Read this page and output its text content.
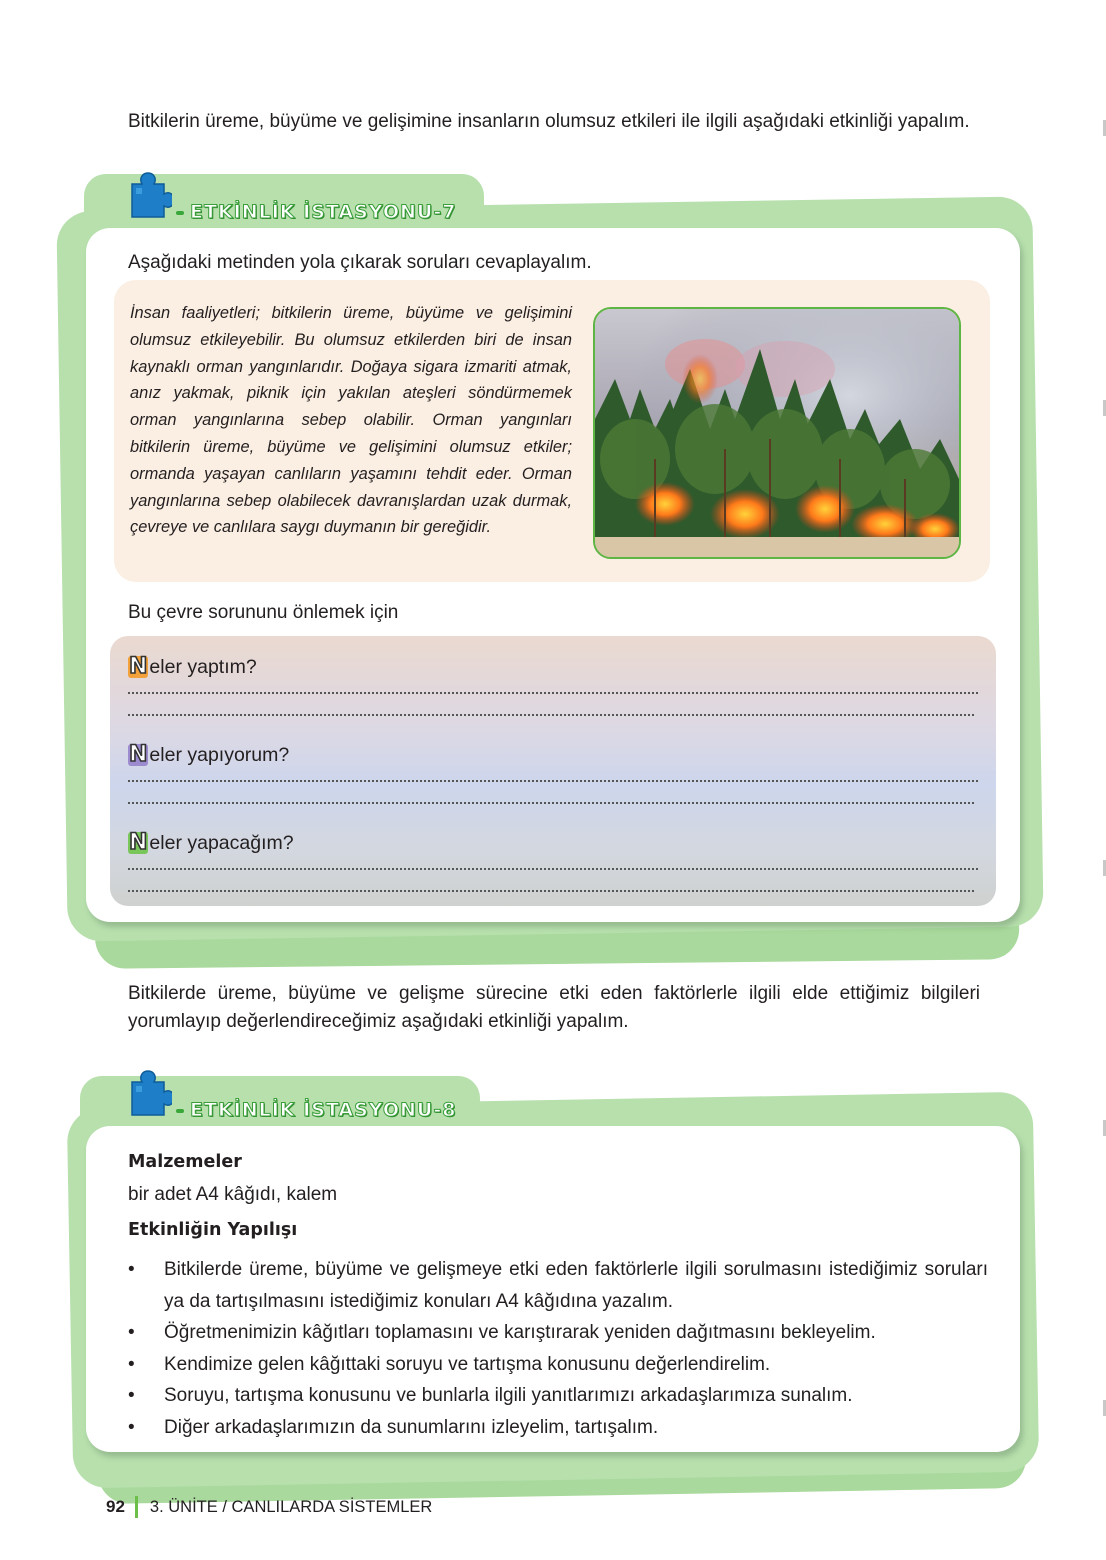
Bitkilerin üreme, büyüme ve gelişimine insanların olumsuz etkileri ile ilgili aşağıdaki etkinliği yapalım.
ETKİNLİK İSTASYONU-7
Aşağıdaki metinden yola çıkarak soruları cevaplayalım.
İnsan faaliyetleri; bitkilerin üreme, büyüme ve gelişimini olumsuz etkileyebilir. Bu olumsuz etkilerden biri de insan kaynaklı orman yangınlarıdır. Doğaya sigara izmariti atmak, anız yakmak, piknik için yakılan ateşleri söndürmemek orman yangınlarına sebep olabilir. Orman yangınları bitkilerin üreme, büyüme ve gelişimini olumsuz etkiler; ormanda yaşayan canlıların yaşamını tehdit eder. Orman yangınlarına sebep olabilecek davranışlardan uzak durmak, çevreye ve canlılara saygı duymanın bir gereğidir.
Bu çevre sorununu önlemek için
N eler yaptım?
N eler yapıyorum?
N eler yapacağım?
Bitkilerde üreme, büyüme ve gelişme sürecine etki eden faktörlerle ilgili elde ettiğimiz bilgileri yorumlayıp değerlendireceğimiz aşağıdaki etkinliği yapalım.
ETKİNLİK İSTASYONU-8
Malzemeler
bir adet A4 kâğıdı, kalem
Etkinliğin Yapılışı
• Bitkilerde üreme, büyüme ve gelişmeye etki eden faktörlerle ilgili sorulmasını istediğimiz soruları ya da tartışılmasını istediğimiz konuları A4 kâğıdına yazalım.
• Öğretmenimizin kâğıtları toplamasını ve karıştırarak yeniden dağıtmasını bekleyelim.
• Kendimize gelen kâğıttaki soruyu ve tartışma konusunu değerlendirelim.
• Soruyu, tartışma konusunu ve bunlarla ilgili yanıtlarımızı arkadaşlarımıza sunalım.
• Diğer arkadaşlarımızın da sunumlarını izleyelim, tartışalım.
92 3. ÜNİTE / CANLILARDA SİSTEMLER
